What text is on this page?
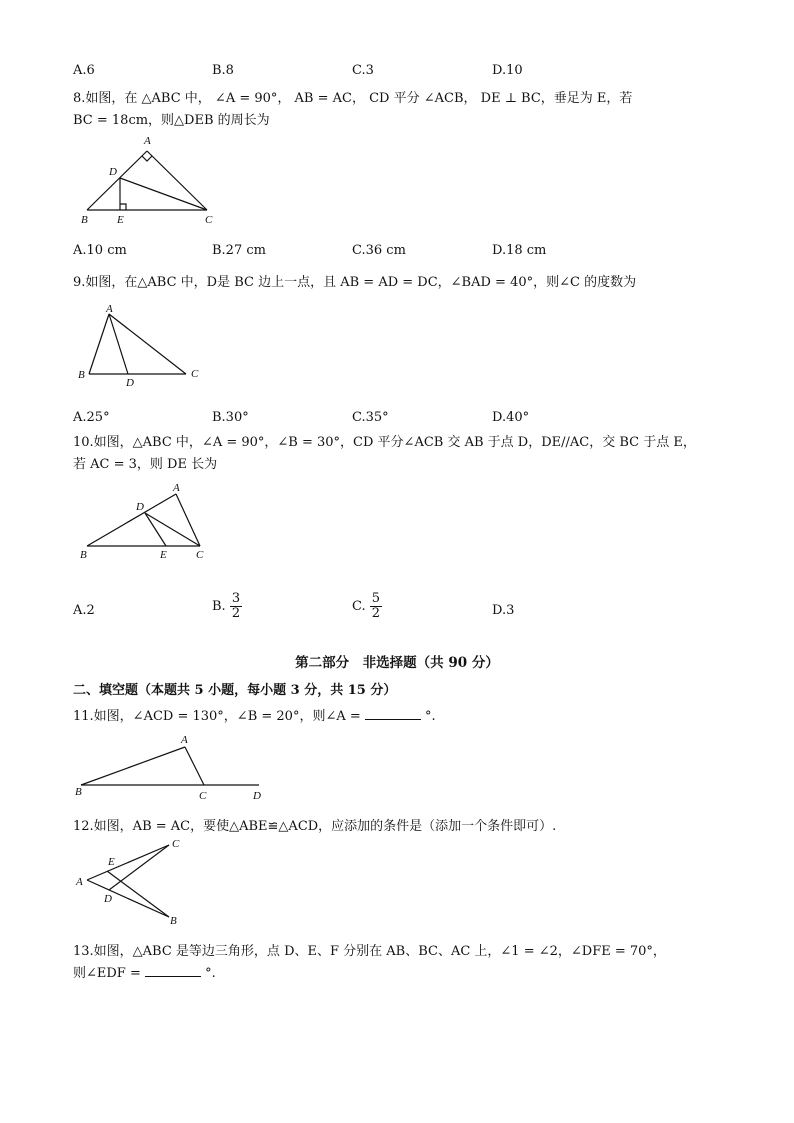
A.6	B.8	C.3	D.10
8.如图，在 △ABC 中， ∠A = 90°， AB = AC， CD 平分 ∠ACB， DE ⊥ BC，垂足为 E，若
BC = 18cm，则△DEB 的周长为
A
D
B	E	C
A.10 cm	B.27 cm	C.36 cm	D.18 cm
9.如图，在△ABC 中，D是 BC 边上一点，且 AB = AD = DC，∠BAD = 40°，则∠C 的度数为
A
B
D
C
A.25°	B.30°	C.35°	D.40°
10.如图，△ABC 中，∠A = 90°，∠B = 30°，CD 平分∠ACB 交 AB 于点 D，DE//AC，交 BC 于点 E，
若 AC = 3，则 DE 长为
A
D
B	E	C
A.2	B. $\frac{3}{2}$	C. $\frac{5}{2}$	D.3
第二部分　非选择题（共 90 分）
二、填空题（本题共 5 小题，每小题 3 分，共 15 分）
11.如图，∠ACD = 130°，∠B = 20°，则∠A =	°.
A
B	C	D
12.如图，AB = AC，要使△ABE≌△ACD，应添加的条件是（添加一个条件即可）.
C
E
A
D
B
13.如图，△ABC 是等边三角形，点 D、E、F 分别在 AB、BC、AC 上，∠1 = ∠2，∠DFE = 70°，
则∠EDF =	°.
